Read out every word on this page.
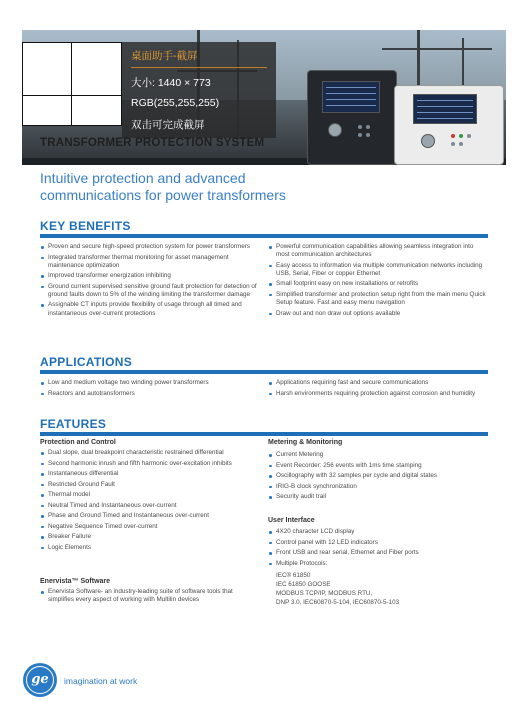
桌面助手-截屏
大小: 1440 × 773
RGB(255,255,255)
双击可完成截屏
TRANSFORMER PROTECTION SYSTEM
Intuitive protection and advanced
communications for power transformers
KEY BENEFITS
Proven and secure high-speed protection system for power transformers
Integrated transformer thermal monitoring for asset management maintenance optimization
Improved transformer energization inhibiting
Ground current supervised sensitive ground fault protection for detection of ground faults down to 5% of the winding limiting the transformer damage
Assignable CT inputs provide flexibility of usage through all timed and instantaneous over-current protections
Powerful communication capabilities allowing seamless integration into most communication architectures
Easy access to information via multiple communication networks including USB, Serial, Fiber or copper Ethernet
Small footprint easy on new installations or retrofits
Simplified transformer and protection setup right from the main menu Quick Setup feature. Fast and easy menu navigation
Draw out and non draw out options available
APPLICATIONS
Low and medium voltage two winding power transformers
Reactors and autotransformers
Applications requiring fast and secure communications
Harsh environments requiring protection against corrosion and humidity
FEATURES
Protection and Control
Dual slope, dual breakpoint characteristic restrained differential
Second harmonic inrush and fifth harmonic over-excitation inhibits
Instantaneous differential
Restricted Ground Fault
Thermal model
Neutral Timed and Instantaneous over-current
Phase and Ground Timed and Instantaneous over-current
Negative Sequence Timed over-current
Breaker Failure
Logic Elements
Enervista™ Software
Enervista Software- an industry-leading suite of software tools that simplifies every aspect of working with Multilin devices
Metering & Monitoring
Current Metering
Event Recorder: 256 events with 1ms time stamping
Oscillography with 32 samples per cycle and digital states
IRIG-B clock synchronization
Security audit trail
User Interface
4X20 character LCD display
Control panel with 12 LED indicators
Front USB and rear serial, Ethernet and Fiber ports
Multiple Protocols:
IEC® 61850
IEC 61850 GOOSE
MODBUS TCP/IP, MODBUS RTU,
DNP 3.0, IEC60870-5-104, IEC60870-5-103
ge	imagination at work
